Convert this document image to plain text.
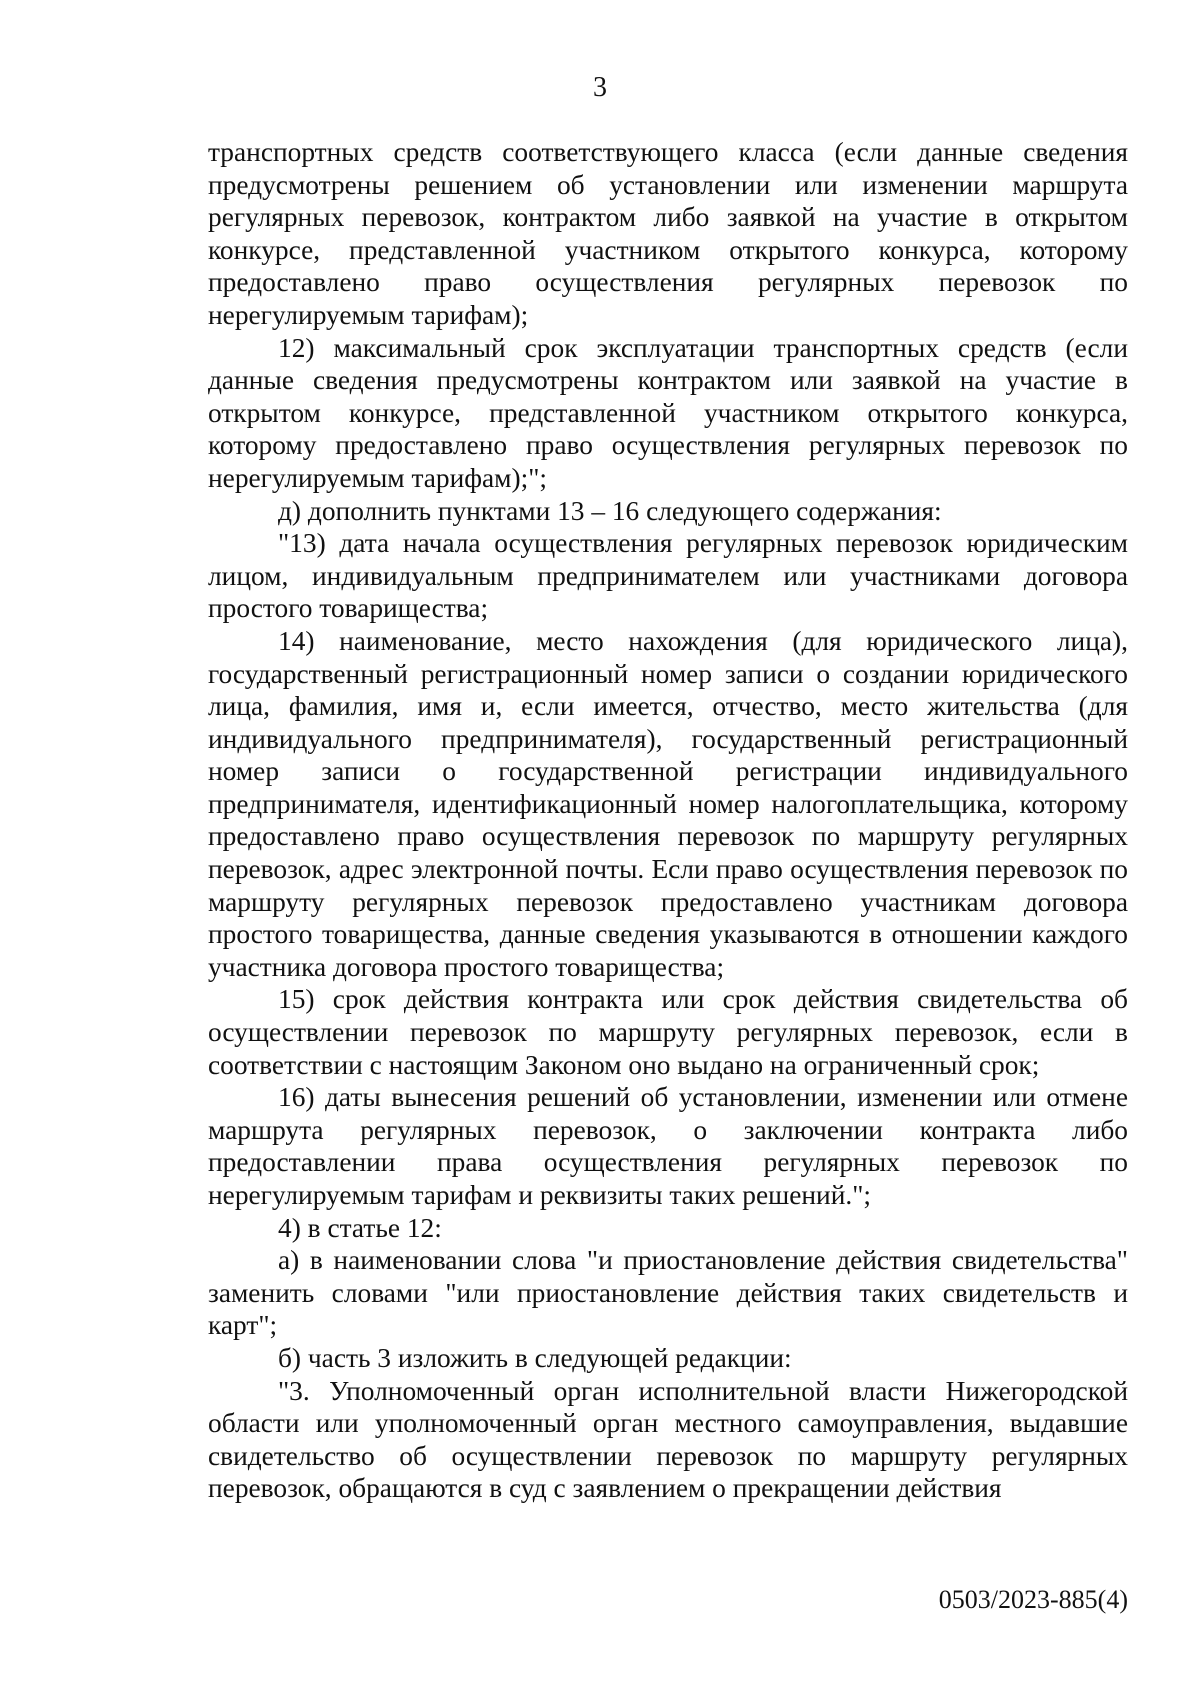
3

транспортных средств соответствующего класса (если данные сведения предусмотрены решением об установлении или изменении маршрута регулярных перевозок, контрактом либо заявкой на участие в открытом конкурсе, представленной участником открытого конкурса, которому предоставлено право осуществления регулярных перевозок по нерегулируемым тарифам);

12) максимальный срок эксплуатации транспортных средств (если данные сведения предусмотрены контрактом или заявкой на участие в открытом конкурсе, представленной участником открытого конкурса, которому предоставлено право осуществления регулярных перевозок по нерегулируемым тарифам);";

д) дополнить пунктами 13 – 16 следующего содержания:

"13) дата начала осуществления регулярных перевозок юридическим лицом, индивидуальным предпринимателем или участниками договора простого товарищества;

14) наименование, место нахождения (для юридического лица), государственный регистрационный номер записи о создании юридического лица, фамилия, имя и, если имеется, отчество, место жительства (для индивидуального предпринимателя), государственный регистрационный номер записи о государственной регистрации индивидуального предпринимателя, идентификационный номер налогоплательщика, которому предоставлено право осуществления перевозок по маршруту регулярных перевозок, адрес электронной почты. Если право осуществления перевозок по маршруту регулярных перевозок предоставлено участникам договора простого товарищества, данные сведения указываются в отношении каждого участника договора простого товарищества;

15) срок действия контракта или срок действия свидетельства об осуществлении перевозок по маршруту регулярных перевозок, если в соответствии с настоящим Законом оно выдано на ограниченный срок;

16) даты вынесения решений об установлении, изменении или отмене маршрута регулярных перевозок, о заключении контракта либо предоставлении права осуществления регулярных перевозок по нерегулируемым тарифам и реквизиты таких решений.";

4) в статье 12:

а) в наименовании слова "и приостановление действия свидетельства" заменить словами "или приостановление действия таких свидетельств и карт";

б) часть 3 изложить в следующей редакции:

"3. Уполномоченный орган исполнительной власти Нижегородской области или уполномоченный орган местного самоуправления, выдавшие свидетельство об осуществлении перевозок по маршруту регулярных перевозок, обращаются в суд с заявлением о прекращении действия

0503/2023-885(4)
